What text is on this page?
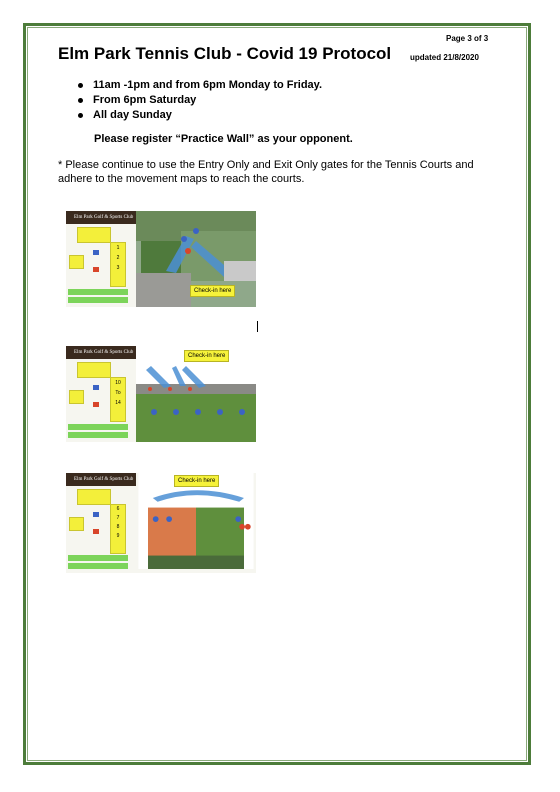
Page 3 of 3
Elm Park Tennis Club - Covid 19 Protocol updated 21/8/2020
11am -1pm and from 6pm Monday to Friday.
From 6pm Saturday
All day Sunday
Please register “Practice Wall” as your opponent.
* Please continue to use the Entry Only and Exit Only gates for the Tennis Courts and adhere to the movement maps to reach the courts.
Elm Park Golf & Sports Club
1
2
3
Check-in here
Elm Park Golf & Sports Club
10
To
14
Check-in here
Elm Park Golf & Sports Club
6
7
8
9
Check-in here
